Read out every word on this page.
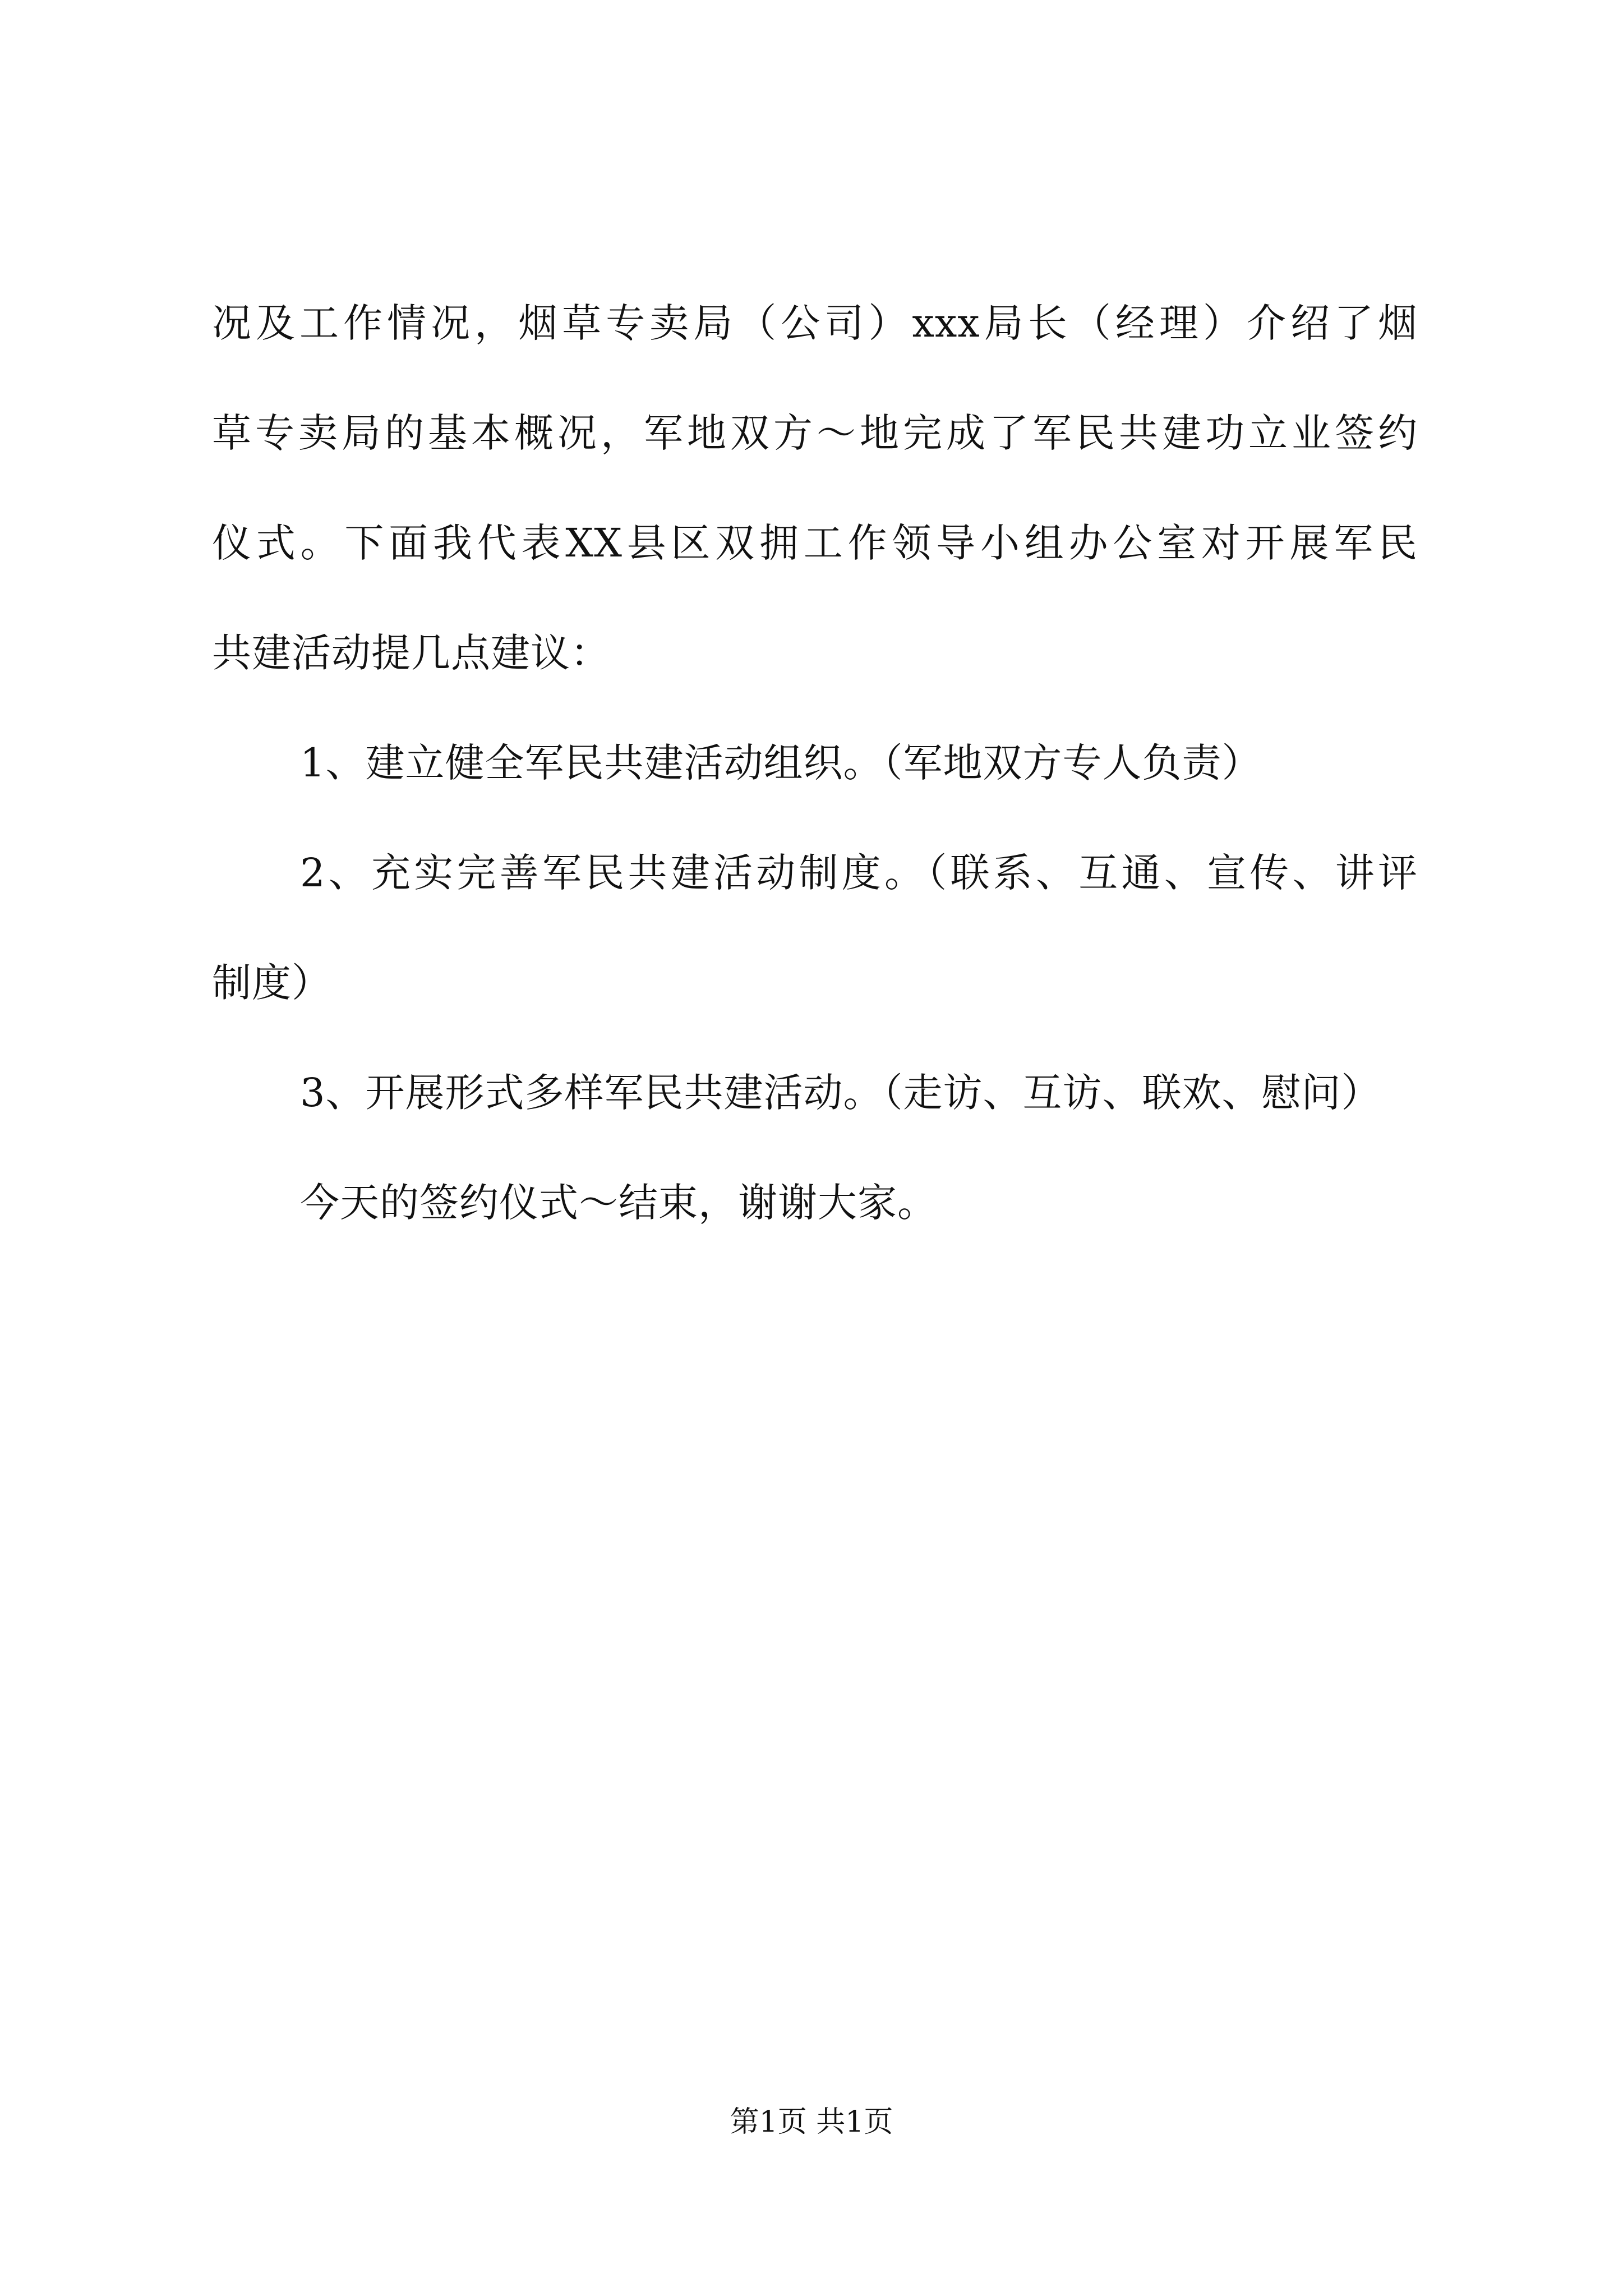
况及工作情况，烟草专卖局（公司）xxx局长（经理）介绍了烟
草专卖局的基本概况，军地双方～地完成了军民共建功立业签约
仪式。下面我代表XX县区双拥工作领导小组办公室对开展军民
共建活动提几点建议：
1、建立健全军民共建活动组织。（军地双方专人负责）
2、充实完善军民共建活动制度。（联系、互通、宣传、讲评
制度）
3、开展形式多样军民共建活动。（走访、互访、联欢、慰问）
今天的签约仪式～结束，谢谢大家。
第1页 共1页
